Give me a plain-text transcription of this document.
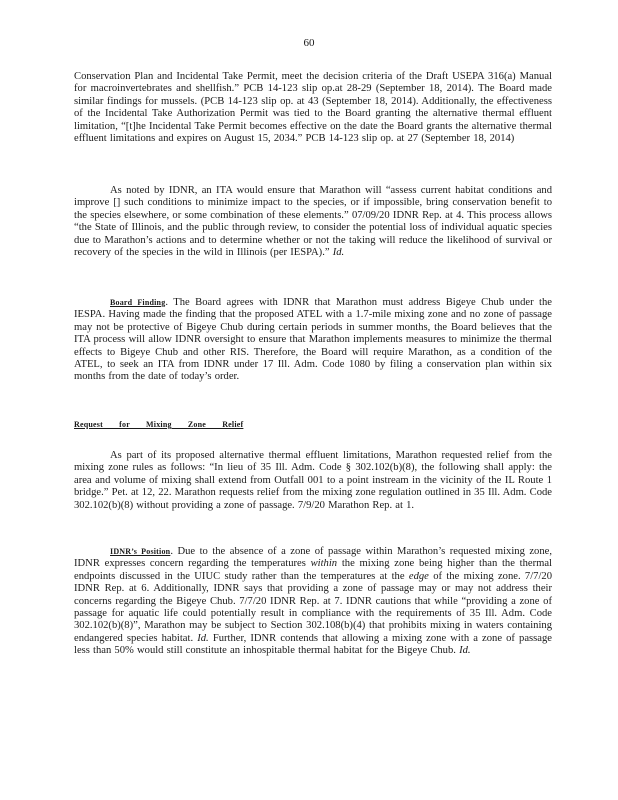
60
Conservation Plan and Incidental Take Permit, meet the decision criteria of the Draft USEPA 316(a) Manual for macroinvertebrates and shellfish.” PCB 14-123 slip op.at 28-29 (September 18, 2014). The Board made similar findings for mussels. (PCB 14-123 slip op. at 43 (September 18, 2014). Additionally, the effectiveness of the Incidental Take Authorization Permit was tied to the Board granting the alternative thermal effluent limitation, “[t]he Incidental Take Permit becomes effective on the date the Board grants the alternative thermal effluent limitations and expires on August 15, 2034.” PCB 14-123 slip op. at 27 (September 18, 2014)
As noted by IDNR, an ITA would ensure that Marathon will “assess current habitat conditions and improve [] such conditions to minimize impact to the species, or if impossible, bring conservation benefit to the species elsewhere, or some combination of these elements.” 07/09/20 IDNR Rep. at 4. This process allows “the State of Illinois, and the public through review, to consider the potential loss of individual aquatic species due to Marathon’s actions and to determine whether or not the taking will reduce the likelihood of survival or recovery of the species in the wild in Illinois (per IESPA).” Id.
Board Finding. The Board agrees with IDNR that Marathon must address Bigeye Chub under the IESPA. Having made the finding that the proposed ATEL with a 1.7-mile mixing zone and no zone of passage may not be protective of Bigeye Chub during certain periods in summer months, the Board believes that the ITA process will allow IDNR oversight to ensure that Marathon implements measures to minimize the thermal effects to Bigeye Chub and other RIS. Therefore, the Board will require Marathon, as a condition of the ATEL, to seek an ITA from IDNR under 17 Ill. Adm. Code 1080 by filing a conservation plan within six months from the date of today’s order.
Request for Mixing Zone Relief
As part of its proposed alternative thermal effluent limitations, Marathon requested relief from the mixing zone rules as follows: “In lieu of 35 Ill. Adm. Code § 302.102(b)(8), the following shall apply: the area and volume of mixing shall extend from Outfall 001 to a point instream in the vicinity of the IL Route 1 bridge.” Pet. at 12, 22. Marathon requests relief from the mixing zone regulation outlined in 35 Ill. Adm. Code 302.102(b)(8) without providing a zone of passage. 7/9/20 Marathon Rep. at 1.
IDNR’s Position. Due to the absence of a zone of passage within Marathon’s requested mixing zone, IDNR expresses concern regarding the temperatures within the mixing zone being higher than the thermal endpoints discussed in the UIUC study rather than the temperatures at the edge of the mixing zone. 7/7/20 IDNR Rep. at 6. Additionally, IDNR says that providing a zone of passage may or may not address their concerns regarding the Bigeye Chub. 7/7/20 IDNR Rep. at 7. IDNR cautions that while “providing a zone of passage for aquatic life could potentially result in compliance with the requirements of 35 Ill. Adm. Code 302.102(b)(8)”, Marathon may be subject to Section 302.108(b)(4) that prohibits mixing in waters containing endangered species habitat. Id. Further, IDNR contends that allowing a mixing zone with a zone of passage less than 50% would still constitute an inhospitable thermal habitat for the Bigeye Chub. Id.
